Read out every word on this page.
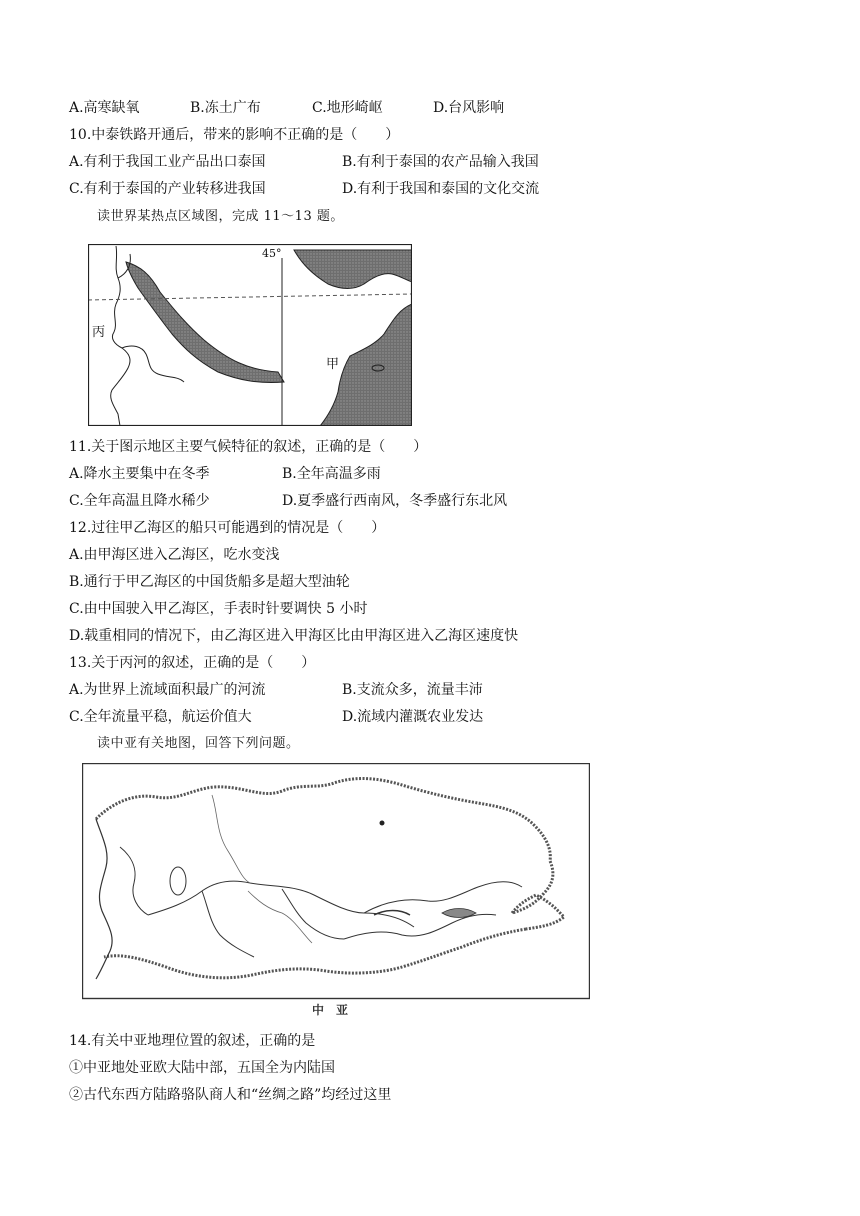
A.高寒缺氧	B.冻土广布	C.地形崎岖	D.台风影响
10.中泰铁路开通后，带来的影响不正确的是（　　）
A.有利于我国工业产品出口泰国	B.有利于泰国的农产品输入我国
C.有利于泰国的产业转移进我国	D.有利于我国和泰国的文化交流
读世界某热点区域图，完成 11～13 题。
45°
乙
丙
甲
11.关于图示地区主要气候特征的叙述，正确的是（　　）
A.降水主要集中在冬季	B.全年高温多雨
C.全年高温且降水稀少	D.夏季盛行西南风，冬季盛行东北风
12.过往甲乙海区的船只可能遇到的情况是（　　）
A.由甲海区进入乙海区，吃水变浅
B.通行于甲乙海区的中国货船多是超大型油轮
C.由中国驶入甲乙海区，手表时针要调快 5 小时
D.载重相同的情况下，由乙海区进入甲海区比由甲海区进入乙海区速度快
13.关于丙河的叙述，正确的是（　　）
A.为世界上流域面积最广的河流	B.支流众多，流量丰沛
C.全年流量平稳，航运价值大	D.流域内灌溉农业发达
读中亚有关地图，回答下列问题。
中　亚
14.有关中亚地理位置的叙述，正确的是
①中亚地处亚欧大陆中部，五国全为内陆国
②古代东西方陆路骆队商人和“丝绸之路”均经过这里
